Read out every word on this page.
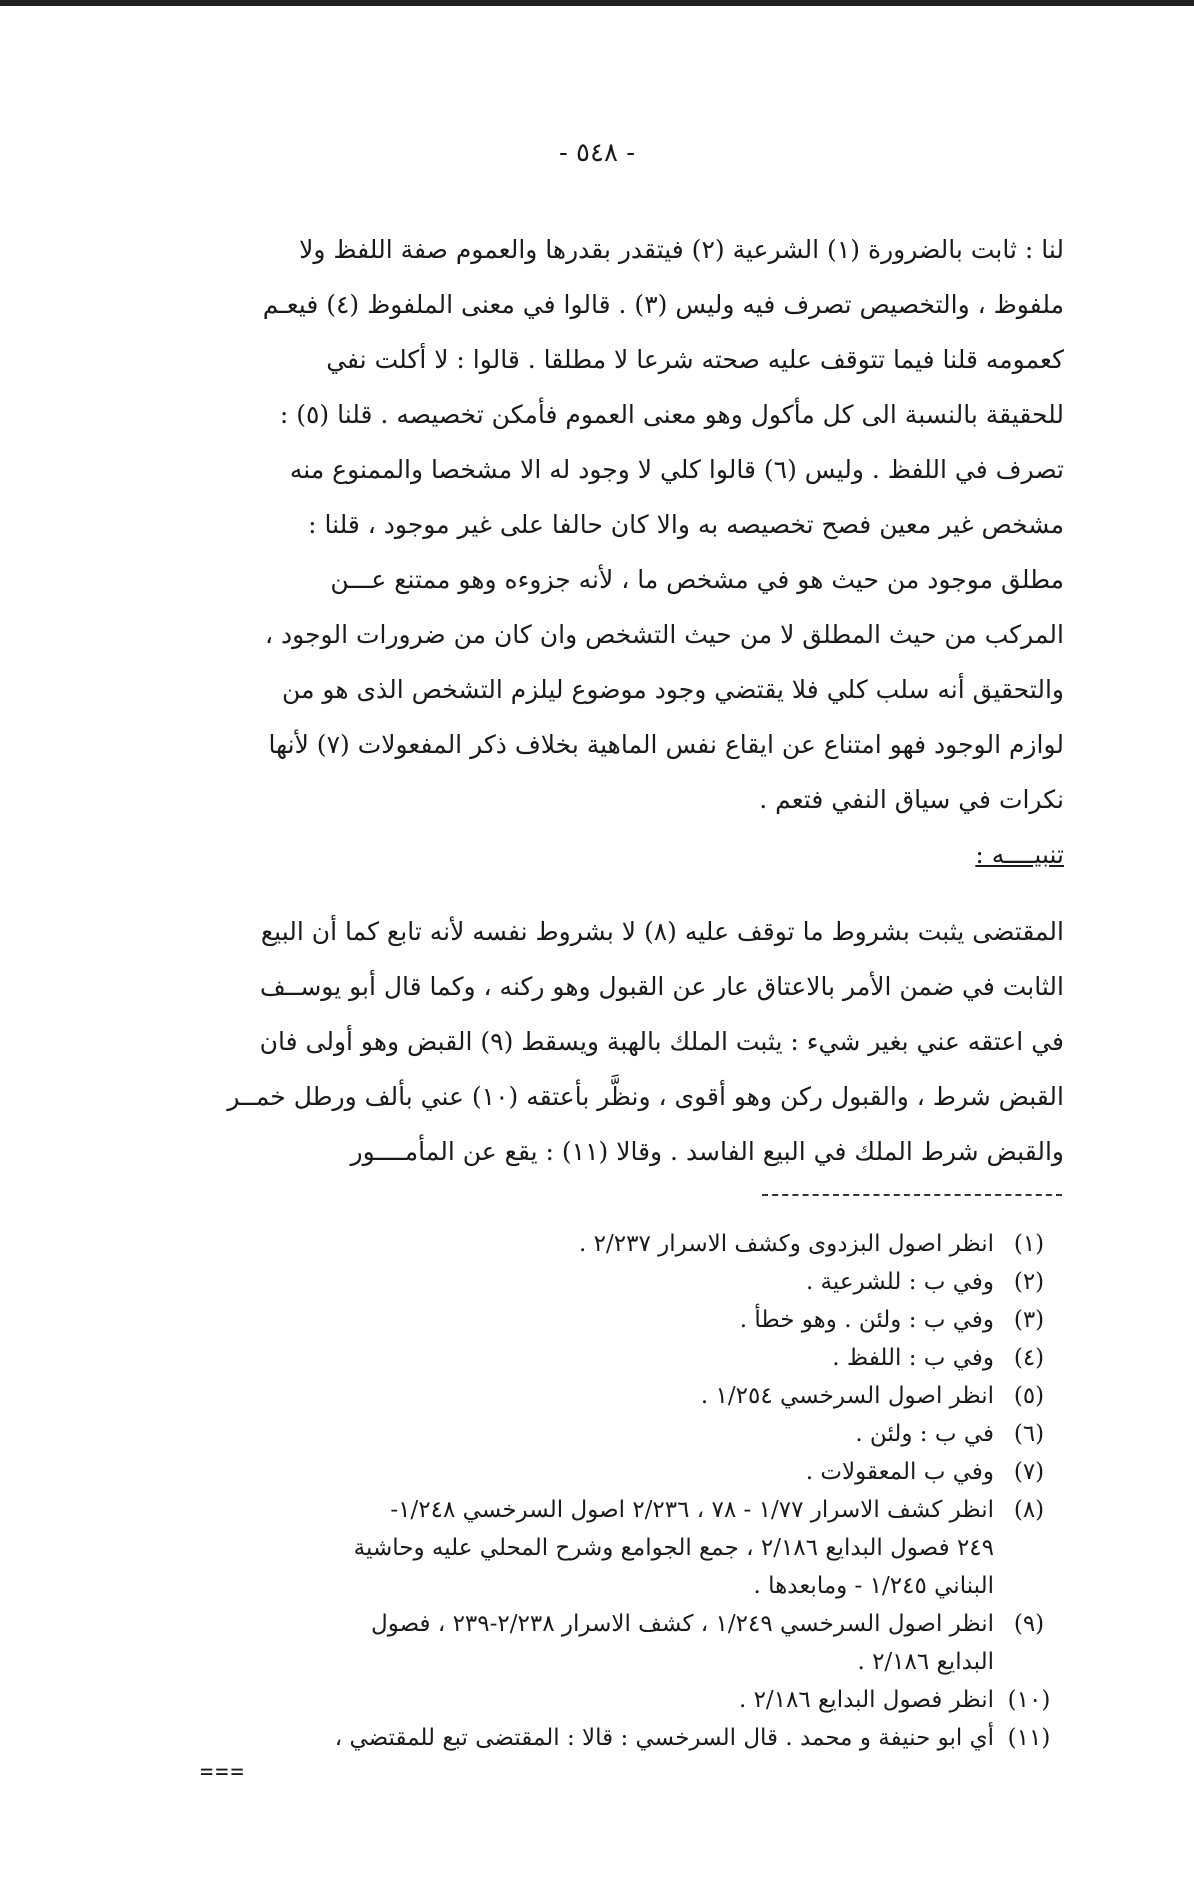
- ٥٤٨ -
لنا : ثابت بالضرورة (١) الشرعية (٢) فيتقدر بقدرها والعموم صفة اللفظ ولا
ملفوظ ، والتخصيص تصرف فيه وليس (٣) . قالوا في معنى الملفوظ (٤) فيعـم
كعمومه قلنا فيما تتوقف عليه صحته شرعا لا مطلقا . قالوا : لا أكلت نفي
للحقيقة بالنسبة الى كل مأكول وهو معنى العموم فأمكن تخصيصه . قلنا (٥) :
تصرف في اللفظ . وليس (٦) قالوا كلي لا وجود له الا مشخصا والممنوع منه
مشخص غير معين فصح تخصيصه به والا كان حالفا على غير موجود ، قلنا :
مطلق موجود من حيث هو في مشخص ما ، لأنه جزوءه وهو ممتنع عـــن
المركب من حيث المطلق لا من حيث التشخص وان كان من ضرورات الوجود ،
والتحقيق أنه سلب كلي فلا يقتضي وجود موضوع ليلزم التشخص الذى هو من
لوازم الوجود فهو امتناع عن ايقاع نفس الماهية بخلاف ذكر المفعولات (٧) لأنها
نكرات في سياق النفي فتعم .
تنبيــــه :
المقتضى يثبت بشروط ما توقف عليه (٨) لا بشروط نفسه لأنه تابع كما أن البيع
الثابت في ضمن الأمر بالاعتاق عار عن القبول وهو ركنه ، وكما قال أبو يوســف
في اعتقه عني بغير شيء : يثبت الملك بالهبة ويسقط (٩) القبض وهو أولى فان
القبض شرط ، والقبول ركن وهو أقوى ، ونظَّر بأعتقه (١٠) عني بألف ورطل خمــر
والقبض شرط الملك في البيع الفاسد . وقالا (١١) : يقع عن المأمــــور
(١)
انظر اصول البزدوى وكشف الاسرار ٢/٢٣٧ .
(٢)
وفي ب : للشرعية .
(٣)
وفي ب : ولئن . وهو خطأ .
(٤)
وفي ب : اللفظ .
(٥)
انظر اصول السرخسي ١/٢٥٤ .
(٦)
في ب : ولئن .
(٧)
وفي ب المعقولات .
(٨)
انظر كشف الاسرار ١/٧٧ - ٧٨ ، ٢/٢٣٦ اصول السرخسي ١/٢٤٨-
٢٤٩ فصول البدايع ٢/١٨٦ ، جمع الجوامع وشرح المحلي عليه وحاشية
البناني ١/٢٤٥ - ومابعدها .
(٩)
انظر اصول السرخسي ١/٢٤٩ ، كشف الاسرار ٢/٢٣٨-٢٣٩ ، فصول
البدايع ٢/١٨٦ .
(١٠)
انظر فصول البدايع ٢/١٨٦ .
(١١)
أي ابو حنيفة و محمد . قال السرخسي : قالا : المقتضى تبع للمقتضي ،
===
